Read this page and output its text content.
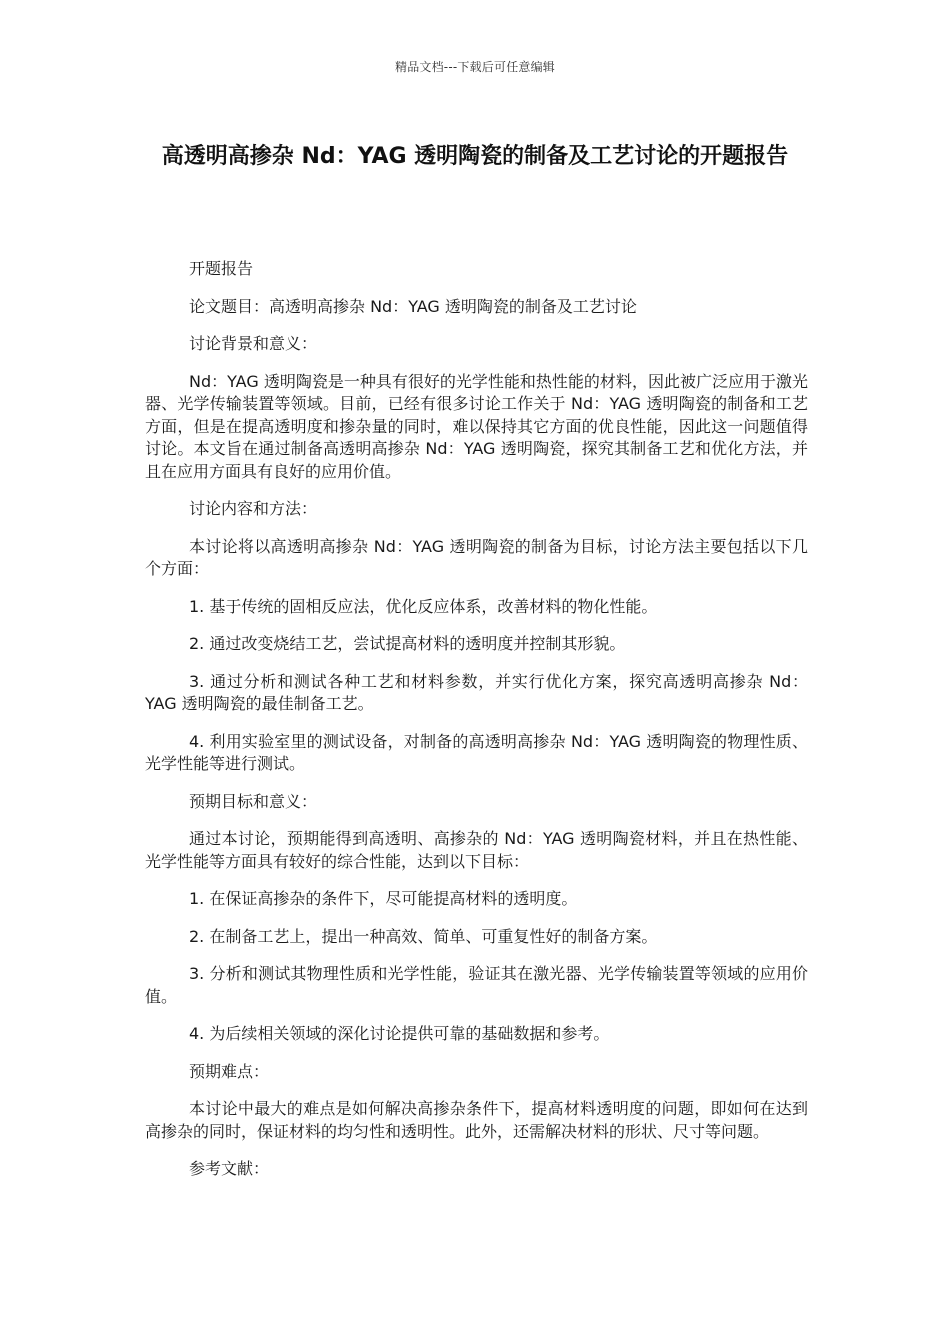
精品文档---下载后可任意编辑
高透明高掺杂 Nd：YAG 透明陶瓷的制备及工艺讨论的开题报告

开题报告

论文题目：高透明高掺杂 Nd：YAG 透明陶瓷的制备及工艺讨论

讨论背景和意义：

Nd：YAG 透明陶瓷是一种具有很好的光学性能和热性能的材料，因此被广泛应用于激光器、光学传输装置等领域。目前，已经有很多讨论工作关于 Nd：YAG 透明陶瓷的制备和工艺方面，但是在提高透明度和掺杂量的同时，难以保持其它方面的优良性能，因此这一问题值得讨论。本文旨在通过制备高透明高掺杂 Nd：YAG 透明陶瓷，探究其制备工艺和优化方法，并且在应用方面具有良好的应用价值。

讨论内容和方法：

本讨论将以高透明高掺杂 Nd：YAG 透明陶瓷的制备为目标，讨论方法主要包括以下几个方面：

1. 基于传统的固相反应法，优化反应体系，改善材料的物化性能。

2. 通过改变烧结工艺，尝试提高材料的透明度并控制其形貌。

3. 通过分析和测试各种工艺和材料参数，并实行优化方案，探究高透明高掺杂 Nd：YAG 透明陶瓷的最佳制备工艺。

4. 利用实验室里的测试设备，对制备的高透明高掺杂 Nd：YAG 透明陶瓷的物理性质、光学性能等进行测试。

预期目标和意义：

通过本讨论，预期能得到高透明、高掺杂的 Nd：YAG 透明陶瓷材料，并且在热性能、光学性能等方面具有较好的综合性能，达到以下目标：

1. 在保证高掺杂的条件下，尽可能提高材料的透明度。

2. 在制备工艺上，提出一种高效、简单、可重复性好的制备方案。

3. 分析和测试其物理性质和光学性能，验证其在激光器、光学传输装置等领域的应用价值。

4. 为后续相关领域的深化讨论提供可靠的基础数据和参考。

预期难点：

本讨论中最大的难点是如何解决高掺杂条件下，提高材料透明度的问题，即如何在达到高掺杂的同时，保证材料的均匀性和透明性。此外，还需解决材料的形状、尺寸等问题。

参考文献：
